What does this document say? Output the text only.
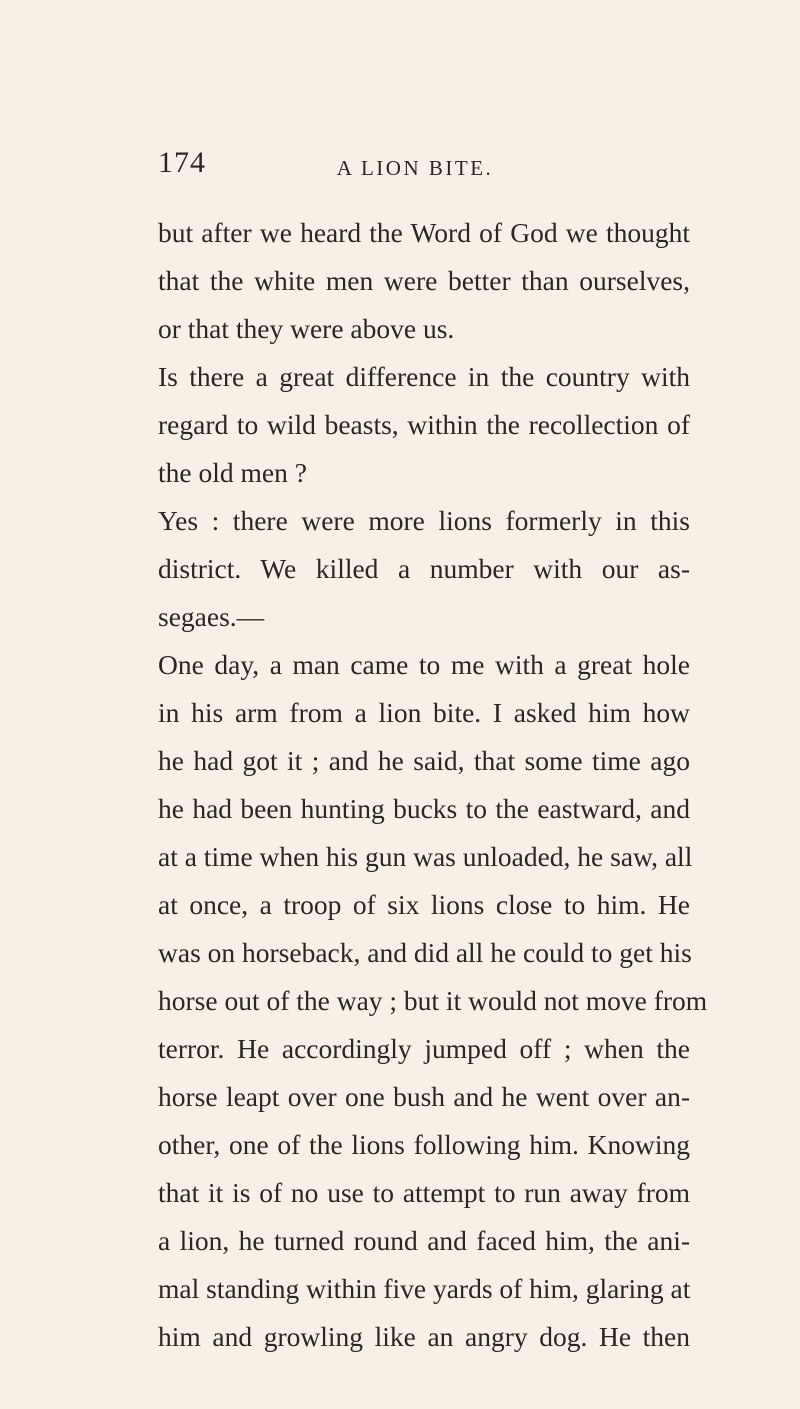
174	A LION BITE.
but after we heard the Word of God we thought
that the white men were better than ourselves,
or that they were above us.
Is there a great difference in the country with
regard to wild beasts, within the recollection of
the old men ?
Yes : there were more lions formerly in this
district. We killed a number with our as-
segaes.—
One day, a man came to me with a great hole
in his arm from a lion bite. I asked him how
he had got it ; and he said, that some time ago
he had been hunting bucks to the eastward, and
at a time when his gun was unloaded, he saw, all
at once, a troop of six lions close to him. He
was on horseback, and did all he could to get his
horse out of the way ; but it would not move from
terror. He accordingly jumped off ; when the
horse leapt over one bush and he went over an-
other, one of the lions following him. Knowing
that it is of no use to attempt to run away from
a lion, he turned round and faced him, the ani-
mal standing within five yards of him, glaring at
him and growling like an angry dog. He then
